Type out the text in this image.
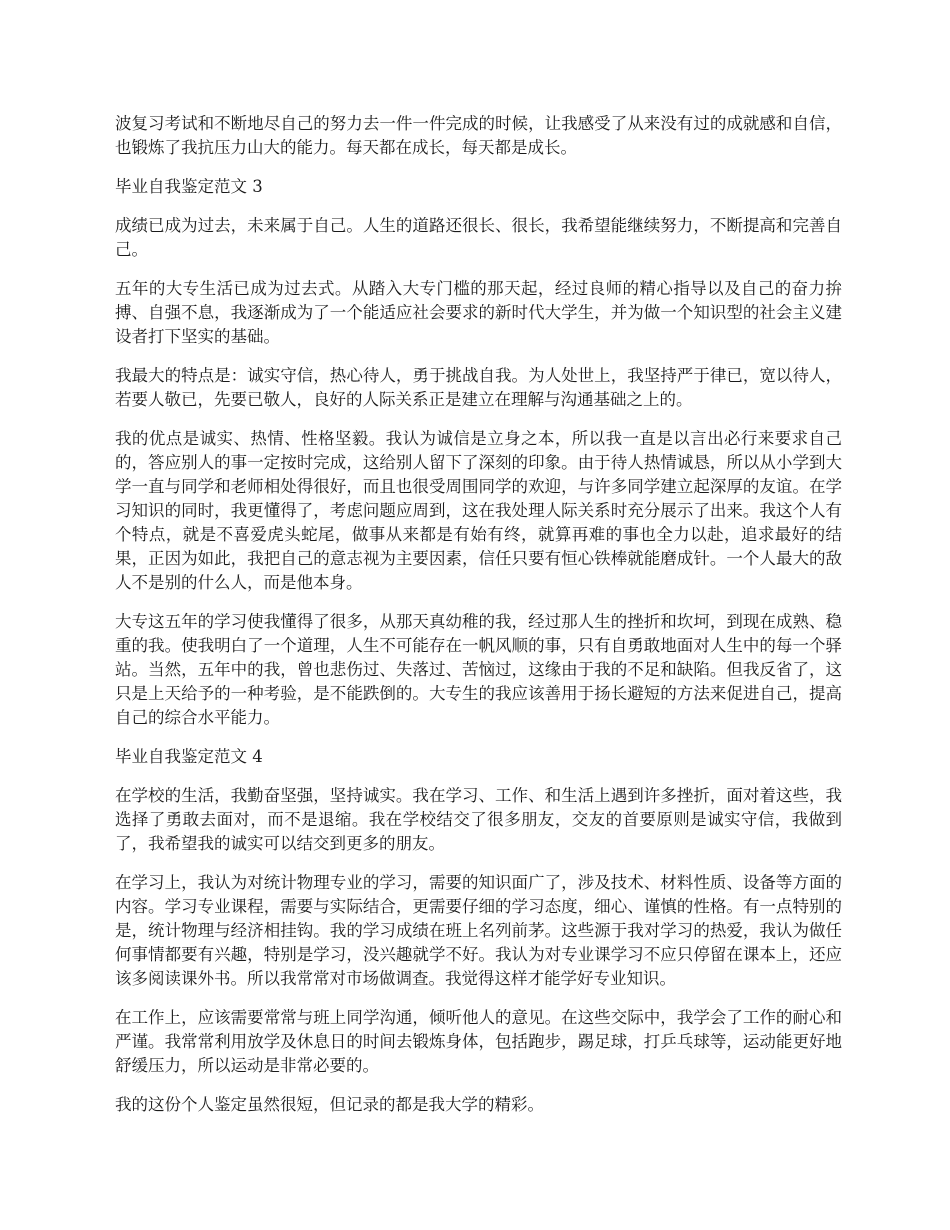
波复习考试和不断地尽自己的努力去一件一件完成的时候，让我感受了从来没有过的成就感和自信，也锻炼了我抗压力山大的能力。每天都在成长，每天都是成长。

毕业自我鉴定范文 3

成绩已成为过去，未来属于自己。人生的道路还很长、很长，我希望能继续努力，不断提高和完善自己。

五年的大专生活已成为过去式。从踏入大专门槛的那天起，经过良师的精心指导以及自己的奋力拚搏、自强不息，我逐渐成为了一个能适应社会要求的新时代大学生，并为做一个知识型的社会主义建设者打下坚实的基础。

我最大的特点是：诚实守信，热心待人，勇于挑战自我。为人处世上，我坚持严于律已，宽以待人，若要人敬已，先要已敬人，良好的人际关系正是建立在理解与沟通基础之上的。

我的优点是诚实、热情、性格坚毅。我认为诚信是立身之本，所以我一直是以言出必行来要求自己的，答应别人的事一定按时完成，这给别人留下了深刻的印象。由于待人热情诚恳，所以从小学到大学一直与同学和老师相处得很好，而且也很受周围同学的欢迎，与许多同学建立起深厚的友谊。在学习知识的同时，我更懂得了，考虑问题应周到，这在我处理人际关系时充分展示了出来。我这个人有个特点，就是不喜爱虎头蛇尾，做事从来都是有始有终，就算再难的事也全力以赴，追求最好的结果，正因为如此，我把自己的意志视为主要因素，信任只要有恒心铁棒就能磨成针。一个人最大的敌人不是别的什么人，而是他本身。

大专这五年的学习使我懂得了很多，从那天真幼稚的我，经过那人生的挫折和坎坷，到现在成熟、稳重的我。使我明白了一个道理，人生不可能存在一帆风顺的事，只有自勇敢地面对人生中的每一个驿站。当然，五年中的我，曾也悲伤过、失落过、苦恼过，这缘由于我的不足和缺陷。但我反省了，这只是上天给予的一种考验，是不能跌倒的。大专生的我应该善用于扬长避短的方法来促进自己，提高自己的综合水平能力。

毕业自我鉴定范文 4

在学校的生活，我勤奋坚强，坚持诚实。我在学习、工作、和生活上遇到许多挫折，面对着这些，我选择了勇敢去面对，而不是退缩。我在学校结交了很多朋友，交友的首要原则是诚实守信，我做到了，我希望我的诚实可以结交到更多的朋友。

在学习上，我认为对统计物理专业的学习，需要的知识面广了，涉及技术、材料性质、设备等方面的内容。学习专业课程，需要与实际结合，更需要仔细的学习态度，细心、谨慎的性格。有一点特别的是，统计物理与经济相挂钩。我的学习成绩在班上名列前茅。这些源于我对学习的热爱，我认为做任何事情都要有兴趣，特别是学习，没兴趣就学不好。我认为对专业课学习不应只停留在课本上，还应该多阅读课外书。所以我常常对市场做调查。我觉得这样才能学好专业知识。

在工作上，应该需要常常与班上同学沟通，倾听他人的意见。在这些交际中，我学会了工作的耐心和严谨。我常常利用放学及休息日的时间去锻炼身体，包括跑步，踢足球，打乒乓球等，运动能更好地舒缓压力，所以运动是非常必要的。

我的这份个人鉴定虽然很短，但记录的都是我大学的精彩。
